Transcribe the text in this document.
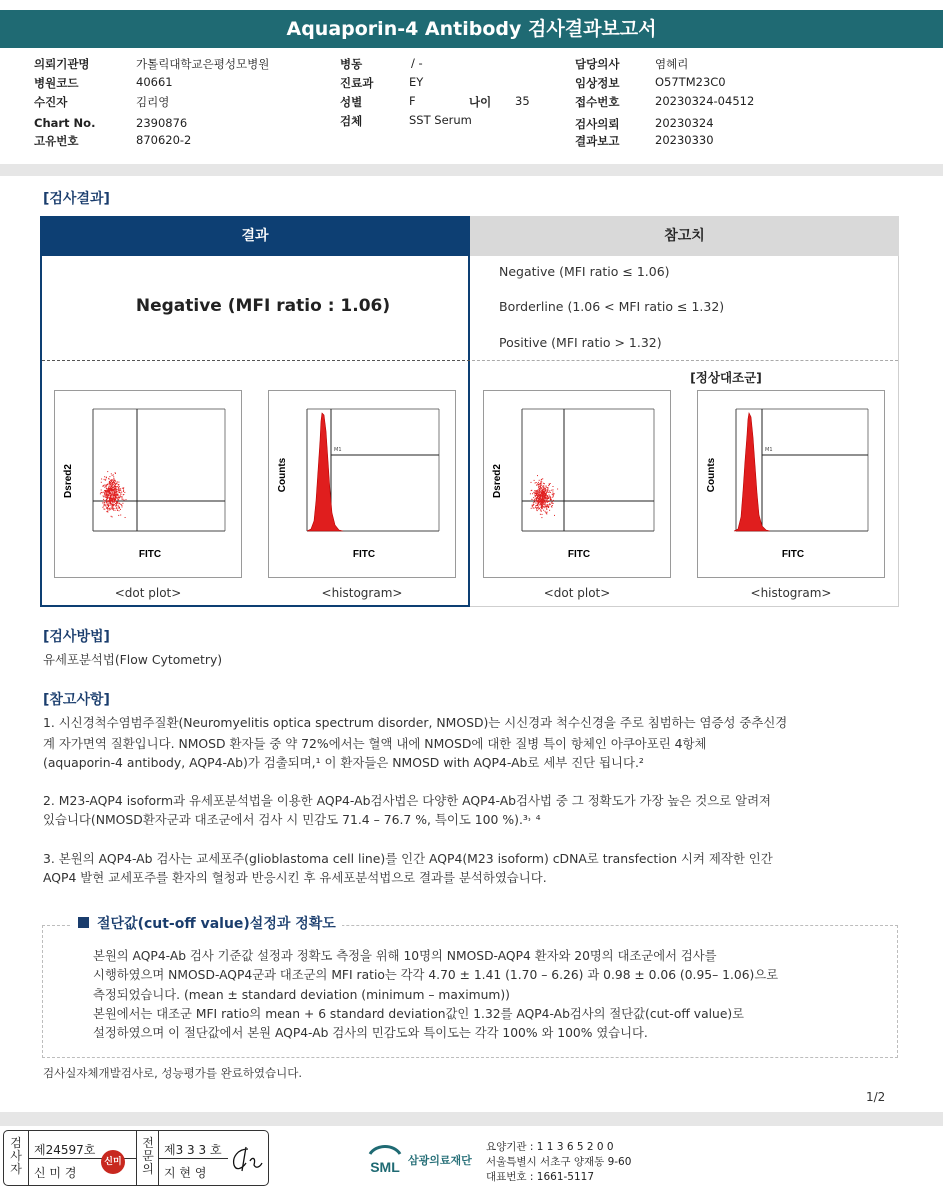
Aquaporin-4 Antibody 검사결과보고서
의뢰기관명	가톨릭대학교은평성모병원
병원코드	40661
수진자	김리영
Chart No.	2390876
고유번호	870620-2
병동	/ -
진료과	EY
성별	F
검체	SST Serum
나이 35
담당의사	염혜리
임상정보	O57TM23C0
접수번호	20230324-04512
검사의뢰	20230324
결과보고	20230330
[검사결과]
결과	참고치
Negative (MFI ratio : 1.06)
Negative (MFI ratio ≤ 1.06)
Borderline (1.06 < MFI ratio ≤ 1.32)
Positive (MFI ratio > 1.32)
[정상대조군]
Dsred2
FITC
<dot plot>
M1
Counts
FITC
<histogram>
Dsred2
FITC
<dot plot>
M1
Counts
FITC
<histogram>
[검사방법]
유세포분석법(Flow Cytometry)
[참고사항]
1. 시신경척수염범주질환(Neuromyelitis optica spectrum disorder, NMOSD)는 시신경과 척수신경을 주로 침범하는 염증성 중추신경
계 자가면역 질환입니다. NMOSD 환자들 중 약 72%에서는 혈액 내에 NMOSD에 대한 질병 특이 항체인 아쿠아포린 4항체
(aquaporin-4 antibody, AQP4-Ab)가 검출되며,¹ 이 환자들은 NMOSD with AQP4-Ab로 세부 진단 됩니다.²
2. M23-AQP4 isoform과 유세포분석법을 이용한 AQP4-Ab검사법은 다양한 AQP4-Ab검사법 중 그 정확도가 가장 높은 것으로 알려져
있습니다(NMOSD환자군과 대조군에서 검사 시 민감도 71.4 – 76.7 %, 특이도 100 %).³˒ ⁴
3. 본원의 AQP4-Ab 검사는 교세포주(glioblastoma cell line)를 인간 AQP4(M23 isoform) cDNA로 transfection 시켜 제작한 인간
AQP4 발현 교세포주를 환자의 혈청과 반응시킨 후 유세포분석법으로 결과를 분석하였습니다.
절단값(cut-off value)설정과 정확도
본원의 AQP4-Ab 검사 기준값 설정과 정확도 측정을 위해 10명의 NMOSD-AQP4 환자와 20명의 대조군에서 검사를
시행하였으며 NMOSD-AQP4군과 대조군의 MFI ratio는 각각 4.70 ± 1.41 (1.70 – 6.26) 과 0.98 ± 0.06 (0.95– 1.06)으로
측정되었습니다. (mean ± standard deviation (minimum – maximum))
본원에서는 대조군 MFI ratio의 mean + 6 standard deviation값인 1.32를 AQP4-Ab검사의 절단값(cut-off value)로
설정하였으며 이 절단값에서 본원 AQP4-Ab 검사의 민감도와 특이도는 각각 100% 와 100% 였습니다.
검사실자체개발검사로, 성능평가를 완료하였습니다.
1/2
검사자
제24597호
신 미 경
전문의
제3 3 3 호
지 현 영
신미	SML 삼광의료재단
요양기관 : 1 1 3 6 5 2 0 0
서울특별시 서초구 양재동 9-60
대표번호 : 1661-5117
